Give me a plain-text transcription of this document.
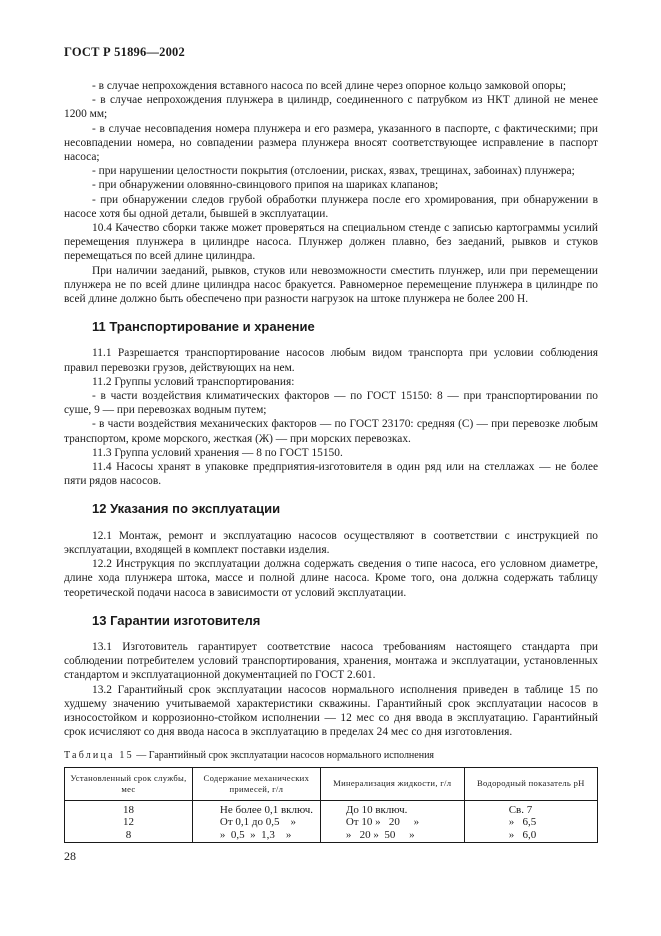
ГОСТ Р 51896—2002

- в случае непрохождения вставного насоса по всей длине через опорное кольцо замковой опоры;

- в случае непрохождения плунжера в цилиндр, соединенного с патрубком из НКТ длиной не менее 1200 мм;

- в случае несовпадения номера плунжера и его размера, указанного в паспорте, с фактическими; при несовпадении номера, но совпадении размера плунжера вносят соответствующее исправление в паспорт насоса;

- при нарушении целостности покрытия (отслоении, рисках, язвах, трещинах, забоинах) плунжера;

- при обнаружении оловянно-свинцового припоя на шариках клапанов;

- при обнаружении следов грубой обработки плунжера после его хромирования, при обнаружении в насосе хотя бы одной детали, бывшей в эксплуатации.

10.4 Качество сборки также может проверяться на специальном стенде с записью картограммы усилий перемещения плунжера в цилиндре насоса. Плунжер должен плавно, без заеданий, рывков и стуков перемещаться по всей длине цилиндра.

При наличии заеданий, рывков, стуков или невозможности сместить плунжер, или при перемещении плунжера не по всей длине цилиндра насос бракуется. Равномерное перемещение плунжера в цилиндре по всей длине должно быть обеспечено при разности нагрузок на штоке плунжера не более 200 Н.

11 Транспортирование и хранение

11.1 Разрешается транспортирование насосов любым видом транспорта при условии соблюдения правил перевозки грузов, действующих на нем.

11.2 Группы условий транспортирования:

- в части воздействия климатических факторов — по ГОСТ 15150: 8 — при транспортировании по суше, 9 — при перевозках водным путем;

- в части воздействия механических факторов — по ГОСТ 23170: средняя (С) — при перевозке любым транспортом, кроме морского, жесткая (Ж) — при морских перевозках.

11.3 Группа условий хранения — 8 по ГОСТ 15150.

11.4 Насосы хранят в упаковке предприятия-изготовителя в один ряд или на стеллажах — не более пяти рядов насосов.

12 Указания по эксплуатации

12.1 Монтаж, ремонт и эксплуатацию насосов осуществляют в соответствии с инструкцией по эксплуатации, входящей в комплект поставки изделия.

12.2 Инструкция по эксплуатации должна содержать сведения о типе насоса, его условном диаметре, длине хода плунжера штока, массе и полной длине насоса. Кроме того, она должна содержать таблицу теоретической подачи насоса в зависимости от условий эксплуатации.

13 Гарантии изготовителя

13.1 Изготовитель гарантирует соответствие насоса требованиям настоящего стандарта при соблюдении потребителем условий транспортирования, хранения, монтажа и эксплуатации, установленных стандартом и эксплуатационной документацией по ГОСТ 2.601.

13.2 Гарантийный срок эксплуатации насосов нормального исполнения приведен в таблице 15 по худшему значению учитываемой характеристики скважины. Гарантийный срок эксплуатации насосов в износостойком и коррозионно-стойком исполнении — 12 мес со дня ввода в эксплуатацию. Гарантийный срок исчисляют со дня ввода насоса в эксплуатацию в пределах 24 мес со дня изготовления.

Таблица 15 — Гарантийный срок эксплуатации насосов нормального исполнения
Установленный срок службы, мес	Содержание механических примесей, г/л	Минерализация жидкости, г/л	Водородный показатель pH
18	Не более 0,1 включ.	До 10 включ.	Св. 7
12	От 0,1 до 0,5    »	От 10 »   20     »	»   6,5
8	»  0,5  »  1,3    »	»   20 »  50     »	»   6,0
28
